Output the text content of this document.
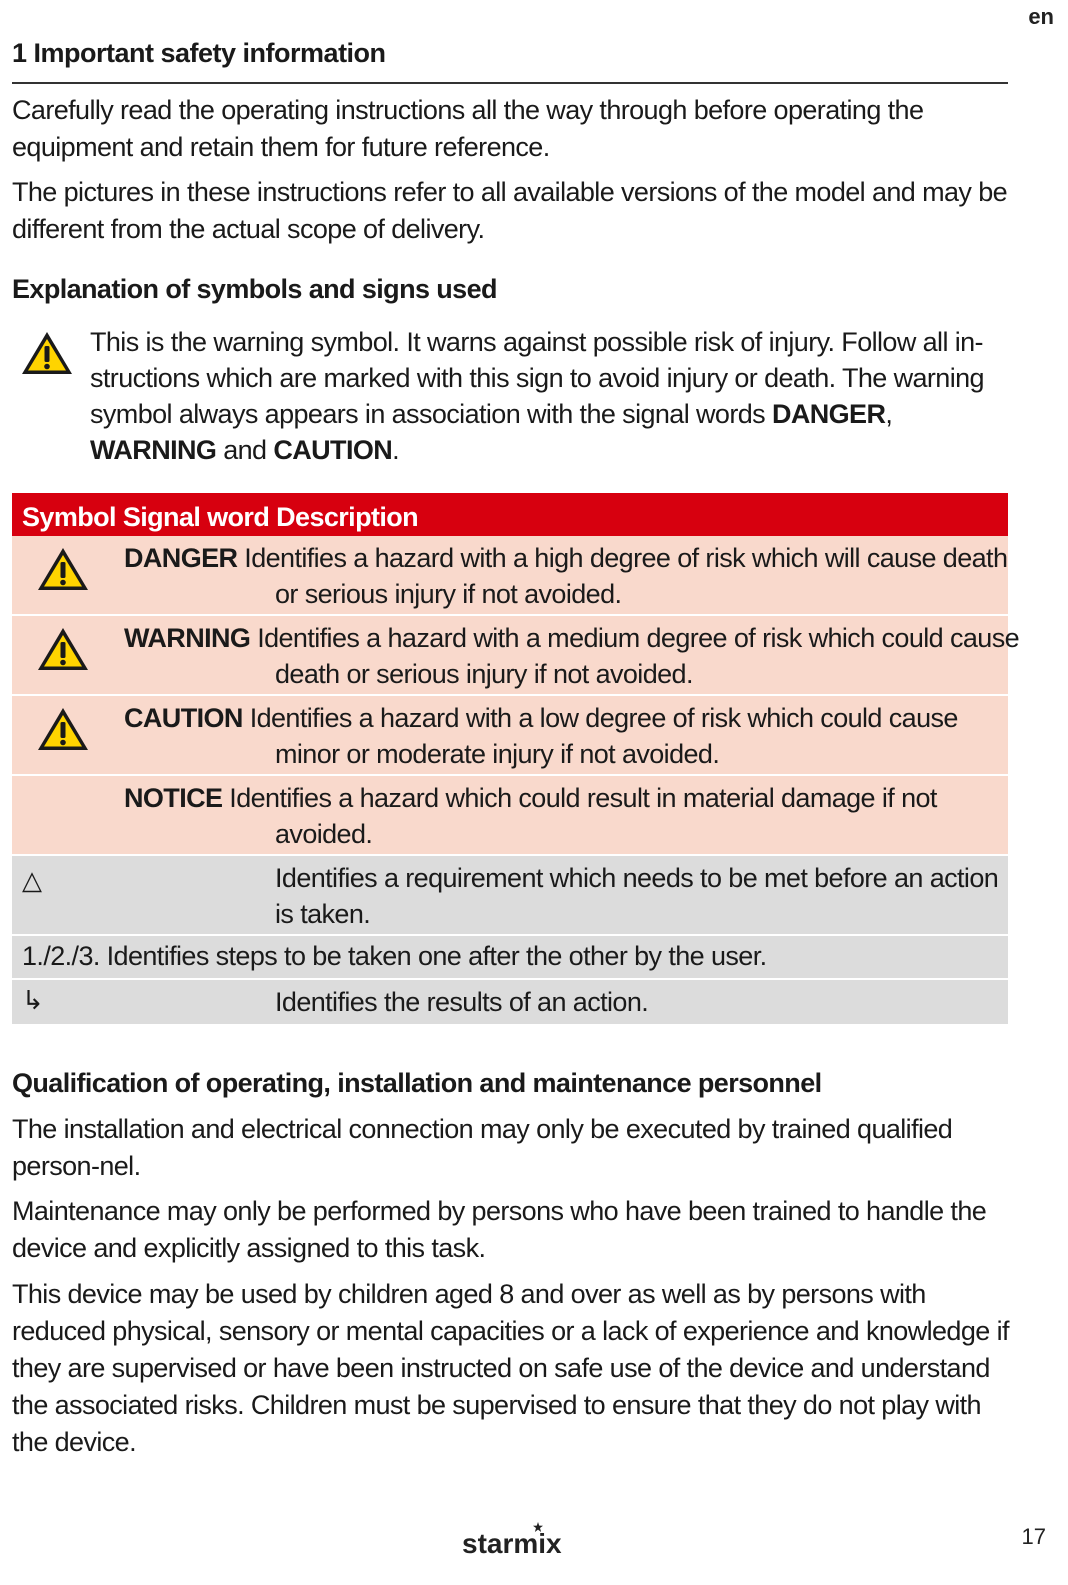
en
1 Important safety information
Carefully read the operating instructions all the way through before operating the equipment and retain them for future reference.
The pictures in these instructions refer to all available versions of the model and may be different from the actual scope of delivery.
Explanation of symbols and signs used
This is the warning symbol. It warns against possible risk of injury. Follow all in-structions which are marked with this sign to avoid injury or death. The warning symbol always appears in association with the signal words DANGER, WARNING and CAUTION.
Symbol Signal word Description
DANGER Identifies a hazard with a high degree of risk which will cause death
or serious injury if not avoided.
WARNING Identifies a hazard with a medium degree of risk which could cause
death or serious injury if not avoided.
CAUTION Identifies a hazard with a low degree of risk which could cause
minor or moderate injury if not avoided.
NOTICE Identifies a hazard which could result in material damage if not
avoided.
△	Identifies a requirement which needs to be met before an action is taken.
1./2./3. Identifies steps to be taken one after the other by the user.
↳	Identifies the results of an action.
Qualification of operating, installation and maintenance personnel
The installation and electrical connection may only be executed by trained qualified person-nel.
Maintenance may only be performed by persons who have been trained to handle the device and explicitly assigned to this task.
This device may be used by children aged 8 and over as well as by persons with reduced physical, sensory or mental capacities or a lack of experience and knowledge if they are supervised or have been instructed on safe use of the device and understand the associated risks. Children must be supervised to ensure that they do not play with the device.
starmix	17
